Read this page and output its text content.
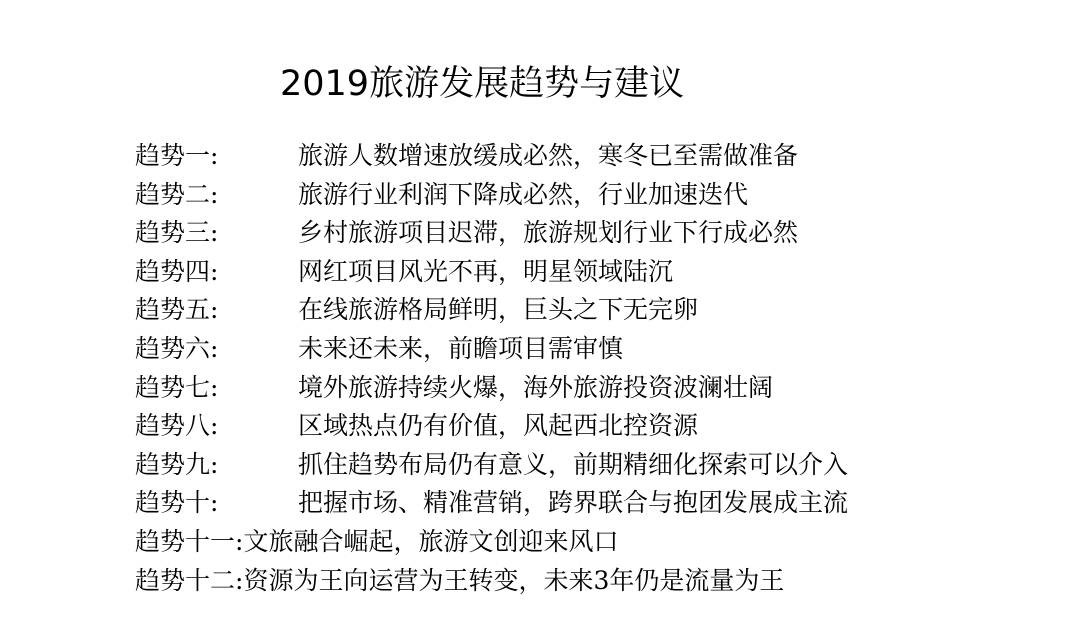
2019旅游发展趋势与建议
趋势一:	旅游人数增速放缓成必然，寒冬已至需做准备
趋势二:	旅游行业利润下降成必然，行业加速迭代
趋势三:	乡村旅游项目迟滞，旅游规划行业下行成必然
趋势四:	网红项目风光不再，明星领域陆沉
趋势五:	在线旅游格局鲜明，巨头之下无完卵
趋势六:	未来还未来，前瞻项目需审慎
趋势七:	境外旅游持续火爆，海外旅游投资波澜壮阔
趋势八:	区域热点仍有价值，风起西北控资源
趋势九:	抓住趋势布局仍有意义，前期精细化探索可以介入
趋势十:	把握市场、精准营销，跨界联合与抱团发展成主流
趋势十一: 文旅融合崛起，旅游文创迎来风口
趋势十二: 资源为王向运营为王转变，未来3年仍是流量为王
